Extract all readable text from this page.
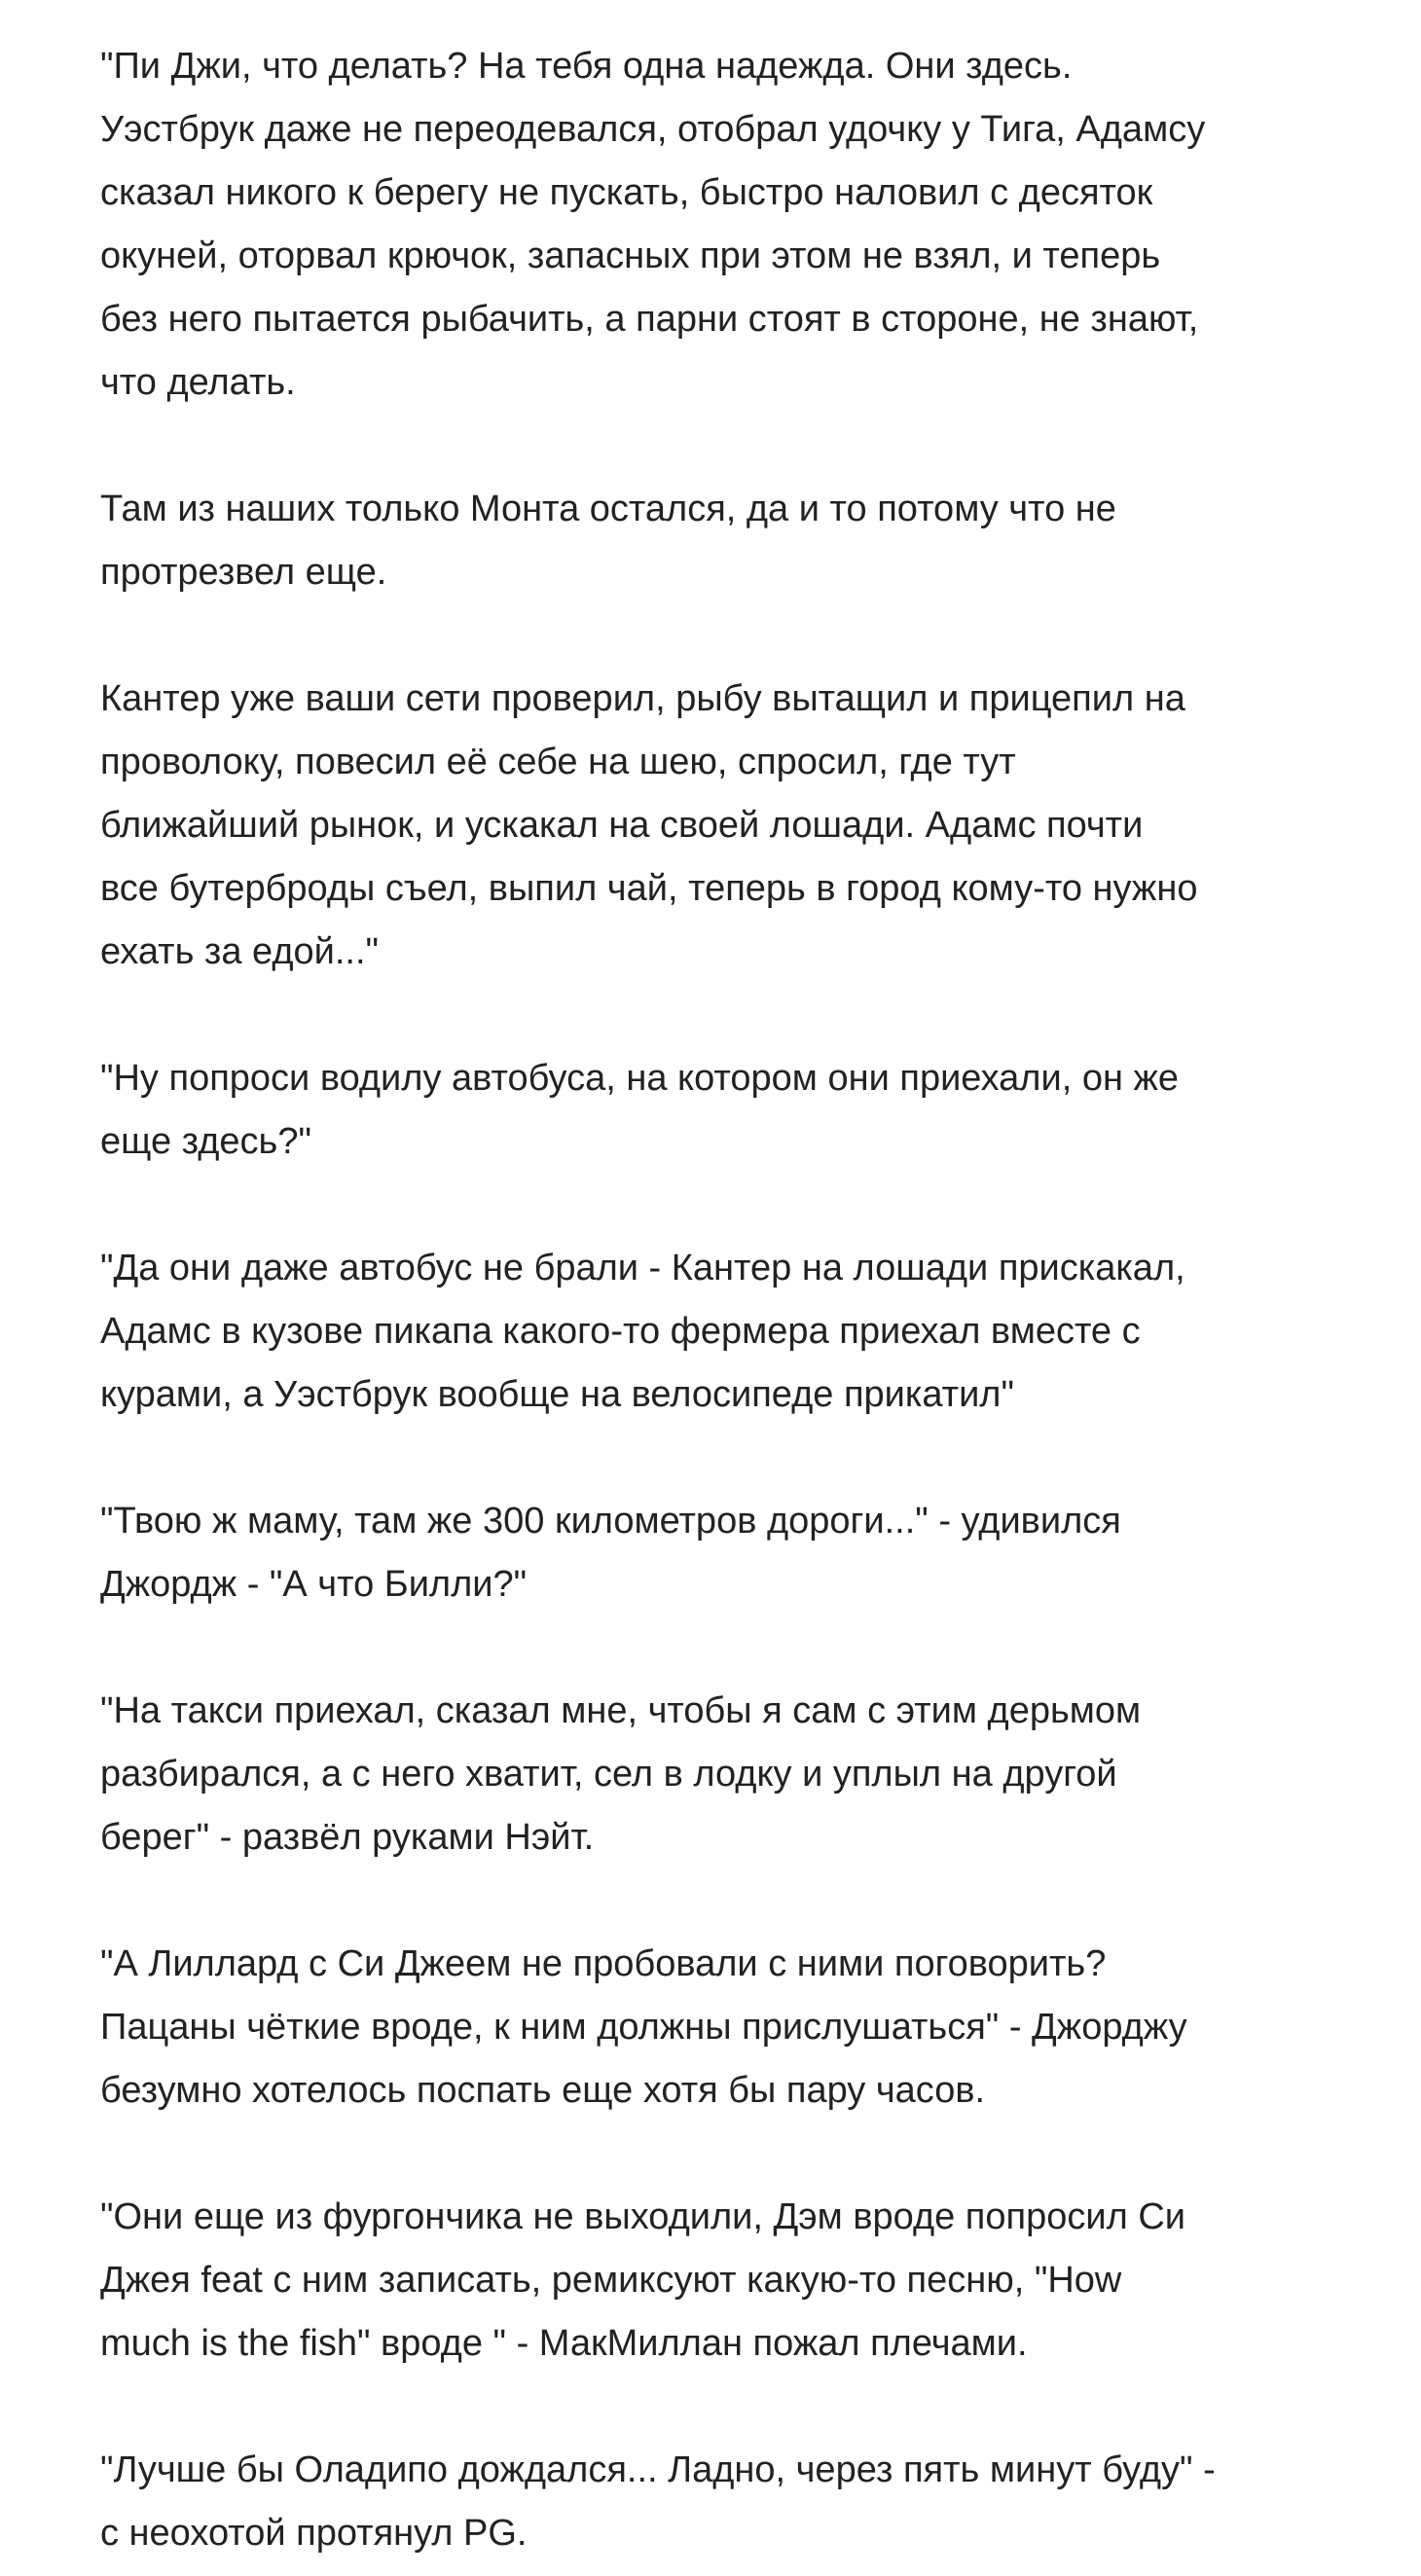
"Пи Джи, что делать? На тебя одна надежда. Они здесь.
Уэстбрук даже не переодевался, отобрал удочку у Тига, Адамсу
сказал никого к берегу не пускать, быстро наловил с десяток
окуней, оторвал крючок, запасных при этом не взял, и теперь
без него пытается рыбачить, а парни стоят в стороне, не знают,
что делать.

Там из наших только Монта остался, да и то потому что не
протрезвел еще.

Кантер уже ваши сети проверил, рыбу вытащил и прицепил на
проволоку, повесил её себе на шею, спросил, где тут
ближайший рынок, и ускакал на своей лошади. Адамс почти
все бутерброды съел, выпил чай, теперь в город кому-то нужно
ехать за едой..."

"Ну попроси водилу автобуса, на котором они приехали, он же
еще здесь?"

"Да они даже автобус не брали - Кантер на лошади прискакал,
Адамс в кузове пикапа какого-то фермера приехал вместе с
курами, а Уэстбрук вообще на велосипеде прикатил"

"Твою ж маму, там же 300 километров дороги..." - удивился
Джордж - "А что Билли?"

"На такси приехал, сказал мне, чтобы я сам с этим дерьмом
разбирался, а с него хватит, сел в лодку и уплыл на другой
берег" - развёл руками Нэйт.

"А Лиллард с Си Джеем не пробовали с ними поговорить?
Пацаны чёткие вроде, к ним должны прислушаться" - Джорджу
безумно хотелось поспать еще хотя бы пару часов.

"Они еще из фургончика не выходили, Дэм вроде попросил Си
Джея feat с ним записать, ремиксуют какую-то песню, "How
much is the fish" вроде " - МакМиллан пожал плечами.

"Лучше бы Оладипо дождался... Ладно, через пять минут буду" -
с неохотой протянул PG.
